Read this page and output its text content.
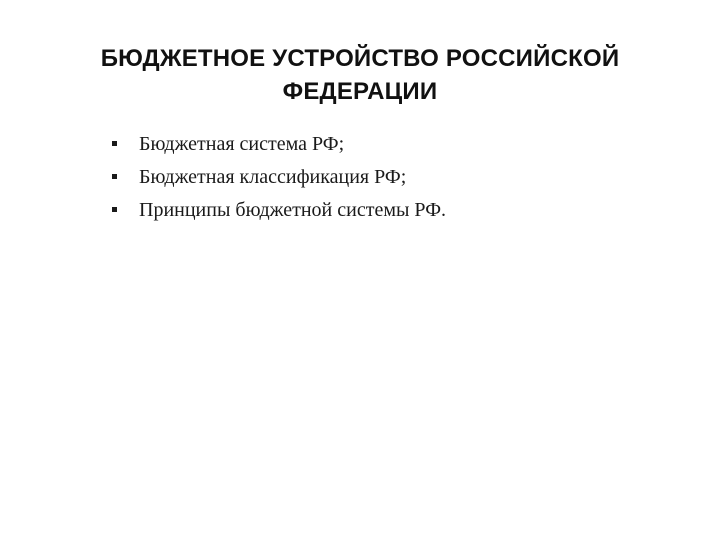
БЮДЖЕТНОЕ УСТРОЙСТВО РОССИЙСКОЙ
ФЕДЕРАЦИИ
Бюджетная система РФ;
Бюджетная классификация РФ;
Принципы бюджетной системы РФ.
